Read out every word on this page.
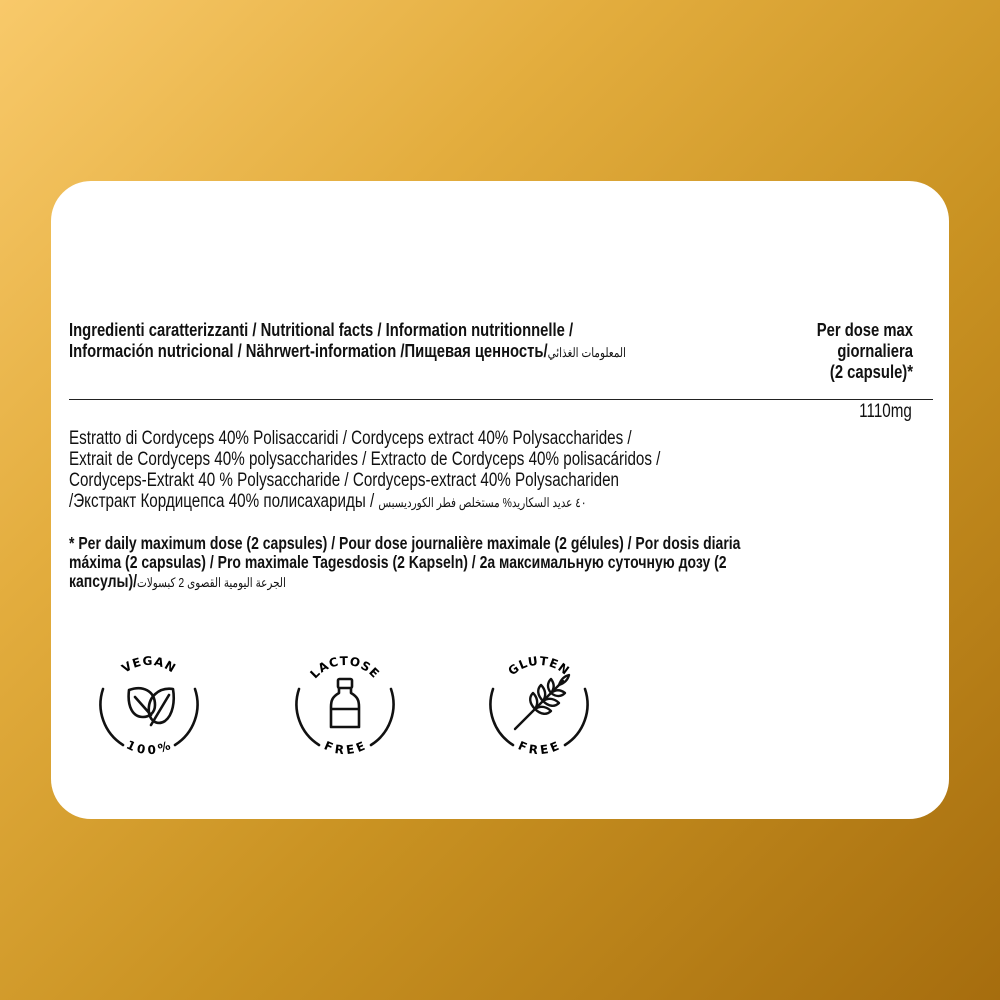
Ingredienti caratterizzanti / Nutritional facts / Information nutritionnelle /
Información nutricional / Nährwert-information /Пищевая ценность/المعلومات الغذائي
Per dose max
giornaliera
(2 capsule)*
1110mg
Estratto di Cordyceps 40% Polisaccaridi / Cordyceps extract 40% Polysaccharides /
Extrait de Cordyceps 40% polysaccharides / Extracto de Cordyceps 40% polisacáridos /
Cordyceps-Extrakt 40 % Polysaccharide / Cordyceps-extract 40% Polysachariden
/Экстракт Кордицепса 40% полисахариды / ٤٠ عديد السكاريد% مستخلص فطر الكورديسبس
* Per daily maximum dose (2 capsules) / Pour dose journalière maximale (2 gélules) / Por dosis diaria
máxima (2 capsulas) / Pro maximale Tagesdosis (2 Kapseln) / 2а максимальную суточную дозу (2
капсулы)/الجرعة اليومية القصوى 2 كبسولات
VEGAN
100%
LACTOSE
FREE
GLUTEN
FREE
